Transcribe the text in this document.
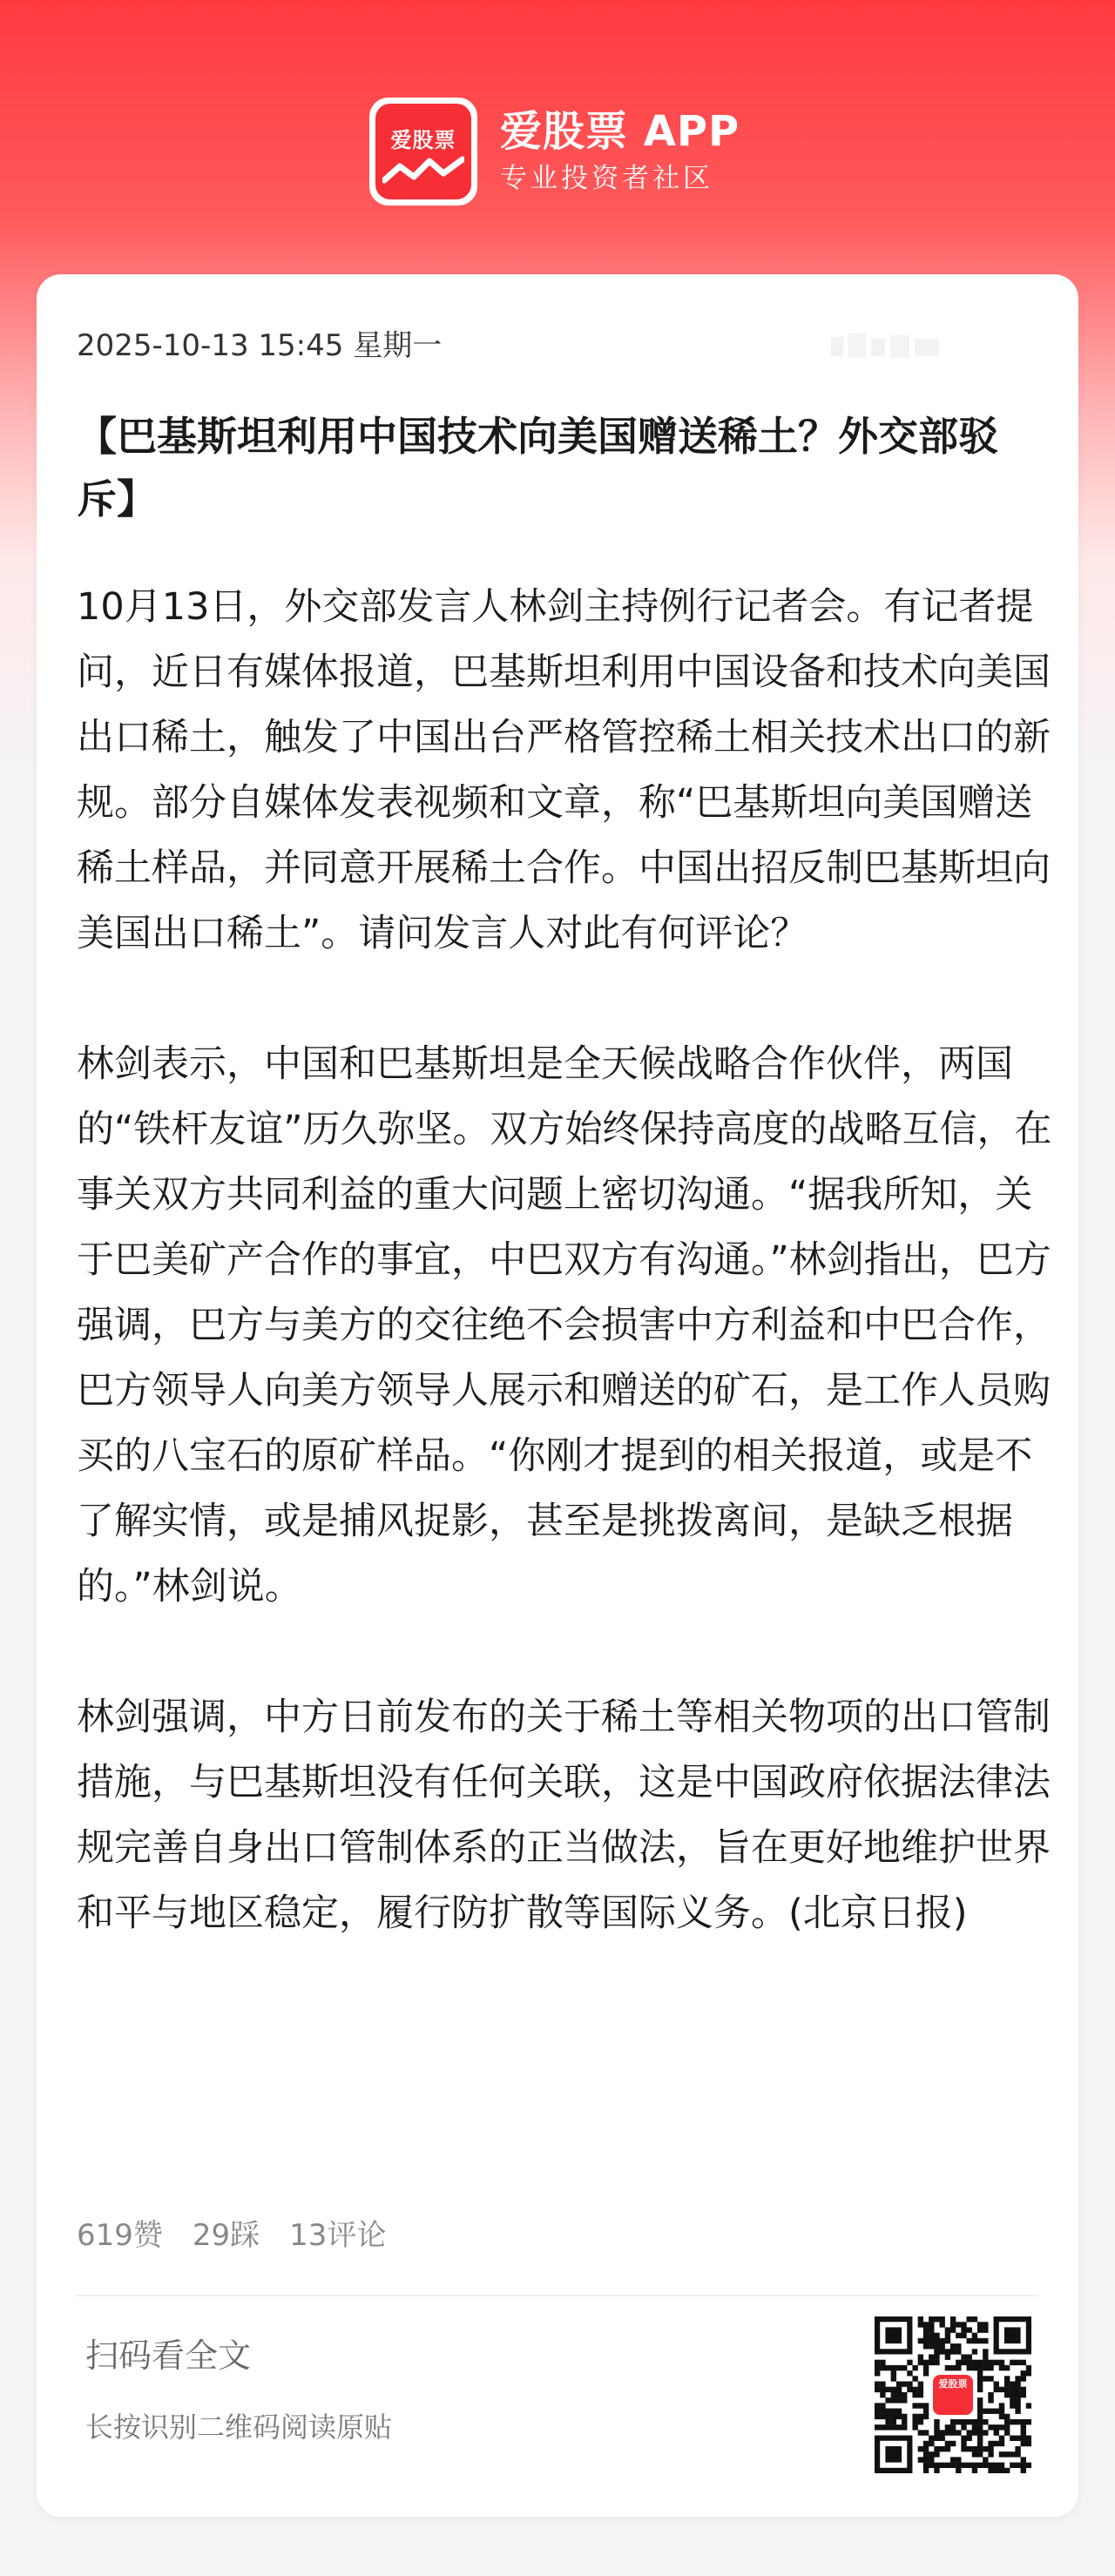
爱股票	爱股票 APP
专业投资者社区
2025-10-13 15:45 星期一
【巴基斯坦利用中国技术向美国赠送稀土？外交部驳斥】

10月13日，外交部发言人林剑主持例行记者会。有记者提问，近日有媒体报道，巴基斯坦利用中国设备和技术向美国出口稀土，触发了中国出台严格管控稀土相关技术出口的新规。部分自媒体发表视频和文章，称“巴基斯坦向美国赠送稀土样品，并同意开展稀土合作。中国出招反制巴基斯坦向美国出口稀土”。请问发言人对此有何评论？

林剑表示，中国和巴基斯坦是全天候战略合作伙伴，两国的“铁杆友谊”历久弥坚。双方始终保持高度的战略互信，在事关双方共同利益的重大问题上密切沟通。“据我所知，关于巴美矿产合作的事宜，中巴双方有沟通。”林剑指出，巴方强调，巴方与美方的交往绝不会损害中方利益和中巴合作，巴方领导人向美方领导人展示和赠送的矿石，是工作人员购买的八宝石的原矿样品。“你刚才提到的相关报道，或是不了解实情，或是捕风捉影，甚至是挑拨离间，是缺乏根据的。”林剑说。

林剑强调，中方日前发布的关于稀土等相关物项的出口管制措施，与巴基斯坦没有任何关联，这是中国政府依据法律法规完善自身出口管制体系的正当做法，旨在更好地维护世界和平与地区稳定，履行防扩散等国际义务。(北京日报)

619赞 29踩 13评论
扫码看全文
长按识别二维码阅读原贴
爱股票
